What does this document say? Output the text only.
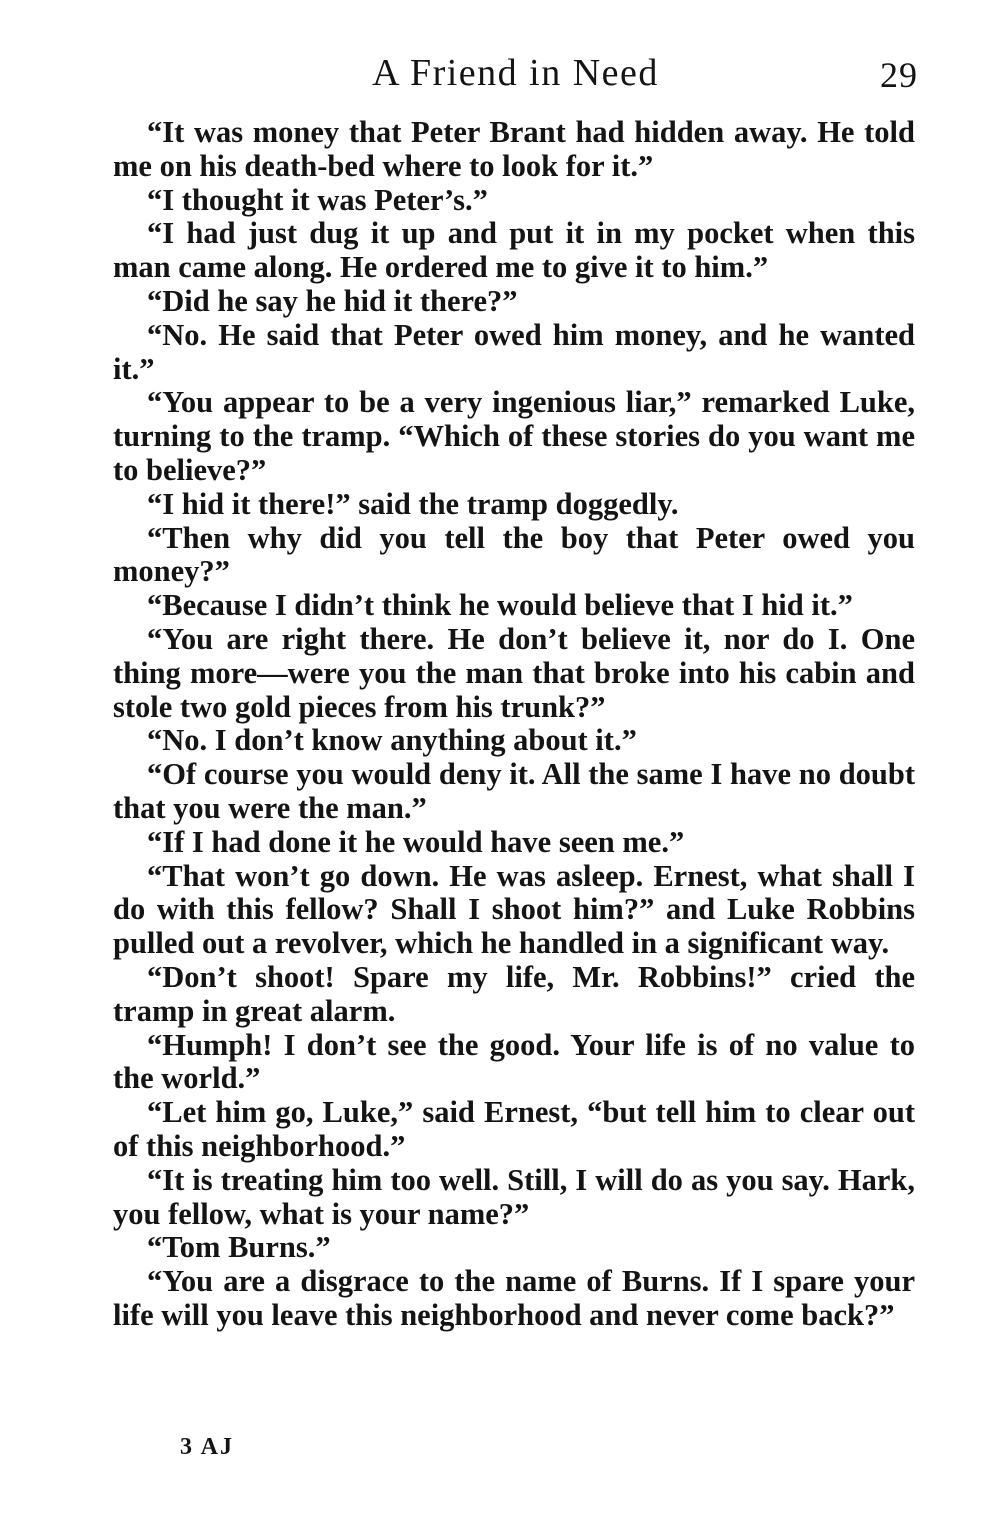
A Friend in Need	29

“It was money that Peter Brant had hidden away. He told me on his death-bed where to look for it.”

“I thought it was Peter’s.”

“I had just dug it up and put it in my pocket when this man came along. He ordered me to give it to him.”

“Did he say he hid it there?”

“No. He said that Peter owed him money, and he wanted it.”

“You appear to be a very ingenious liar,” remarked Luke, turning to the tramp. “Which of these stories do you want me to believe?”

“I hid it there!” said the tramp doggedly.

“Then why did you tell the boy that Peter owed you money?”

“Because I didn’t think he would believe that I hid it.”

“You are right there. He don’t believe it, nor do I. One thing more—were you the man that broke into his cabin and stole two gold pieces from his trunk?”

“No. I don’t know anything about it.”

“Of course you would deny it. All the same I have no doubt that you were the man.”

“If I had done it he would have seen me.”

“That won’t go down. He was asleep. Ernest, what shall I do with this fellow? Shall I shoot him?” and Luke Robbins pulled out a revolver, which he handled in a significant way.

“Don’t shoot! Spare my life, Mr. Robbins!” cried the tramp in great alarm.

“Humph! I don’t see the good. Your life is of no value to the world.”

“Let him go, Luke,” said Ernest, “but tell him to clear out of this neighborhood.”

“It is treating him too well. Still, I will do as you say. Hark, you fellow, what is your name?”

“Tom Burns.”

“You are a disgrace to the name of Burns. If I spare your life will you leave this neighborhood and never come back?”

3 AJ
